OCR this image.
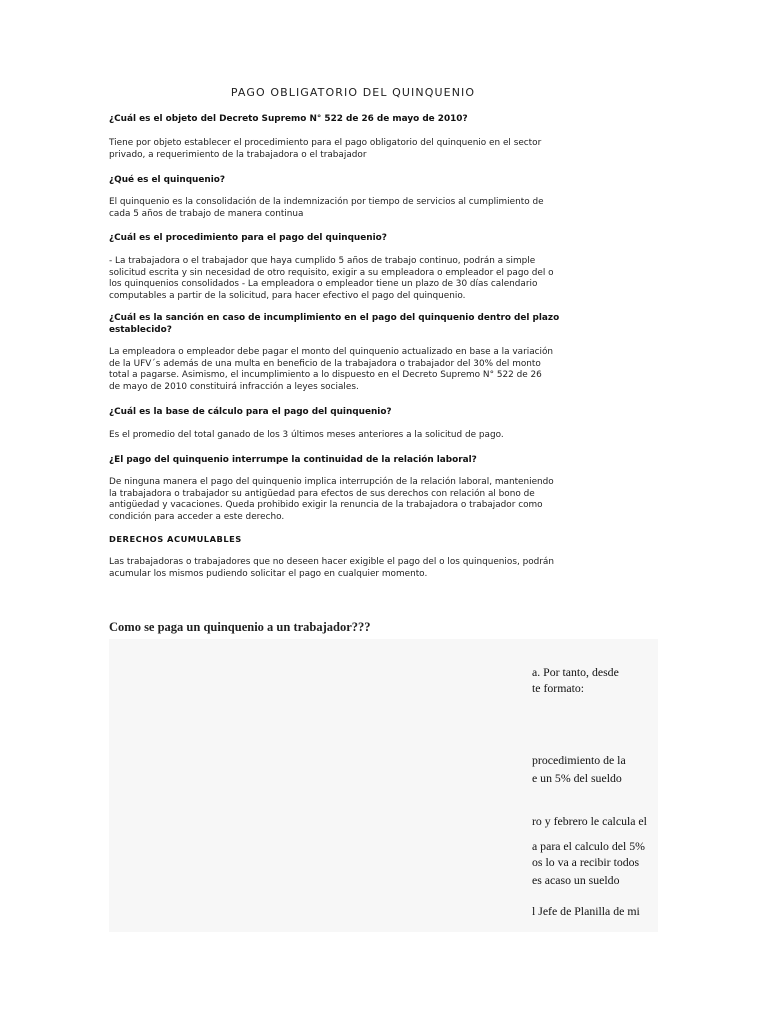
PAGO OBLIGATORIO DEL QUINQUENIO

¿Cuál es el objeto del Decreto Supremo N° 522 de 26 de mayo de 2010?

Tiene por objeto establecer el procedimiento para el pago obligatorio del quinquenio en el sector
privado, a requerimiento de la trabajadora o el trabajador

¿Qué es el quinquenio?

El quinquenio es la consolidación de la indemnización por tiempo de servicios al cumplimiento de
cada 5 años de trabajo de manera continua

¿Cuál es el procedimiento para el pago del quinquenio?

- La trabajadora o el trabajador que haya cumplido 5 años de trabajo continuo, podrán a simple
solicitud escrita y sin necesidad de otro requisito, exigir a su empleadora o empleador el pago del o
los quinquenios consolidados - La empleadora o empleador tiene un plazo de 30 días calendario
computables a partir de la solicitud, para hacer efectivo el pago del quinquenio.

¿Cuál es la sanción en caso de incumplimiento en el pago del quinquenio dentro del plazo
establecido?

La empleadora o empleador debe pagar el monto del quinquenio actualizado en base a la variación
de la UFV´s además de una multa en beneficio de la trabajadora o trabajador del 30% del monto
total a pagarse. Asimismo, el incumplimiento a lo dispuesto en el Decreto Supremo N° 522 de 26
de mayo de 2010 constituirá infracción a leyes sociales.

¿Cuál es la base de cálculo para el pago del quinquenio?

Es el promedio del total ganado de los 3 últimos meses anteriores a la solicitud de pago.

¿El pago del quinquenio interrumpe la continuidad de la relación laboral?

De ninguna manera el pago del quinquenio implica interrupción de la relación laboral, manteniendo
la trabajadora o trabajador su antigüedad para efectos de sus derechos con relación al bono de
antigüedad y vacaciones. Queda prohibido exigir la renuncia de la trabajadora o trabajador como
condición para acceder a este derecho.

DERECHOS ACUMULABLES

Las trabajadoras o trabajadores que no deseen hacer exigible el pago del o los quinquenios, podrán
acumular los mismos pudiendo solicitar el pago en cualquier momento.

Como se paga un quinquenio a un trabajador???
a. Por tanto, desde
te formato:
procedimiento de la
e un 5% del sueldo
ro y febrero le calcula el
a para el calculo del 5%
os lo va a recibir todos
es acaso un sueldo
l Jefe de Planilla de mi
